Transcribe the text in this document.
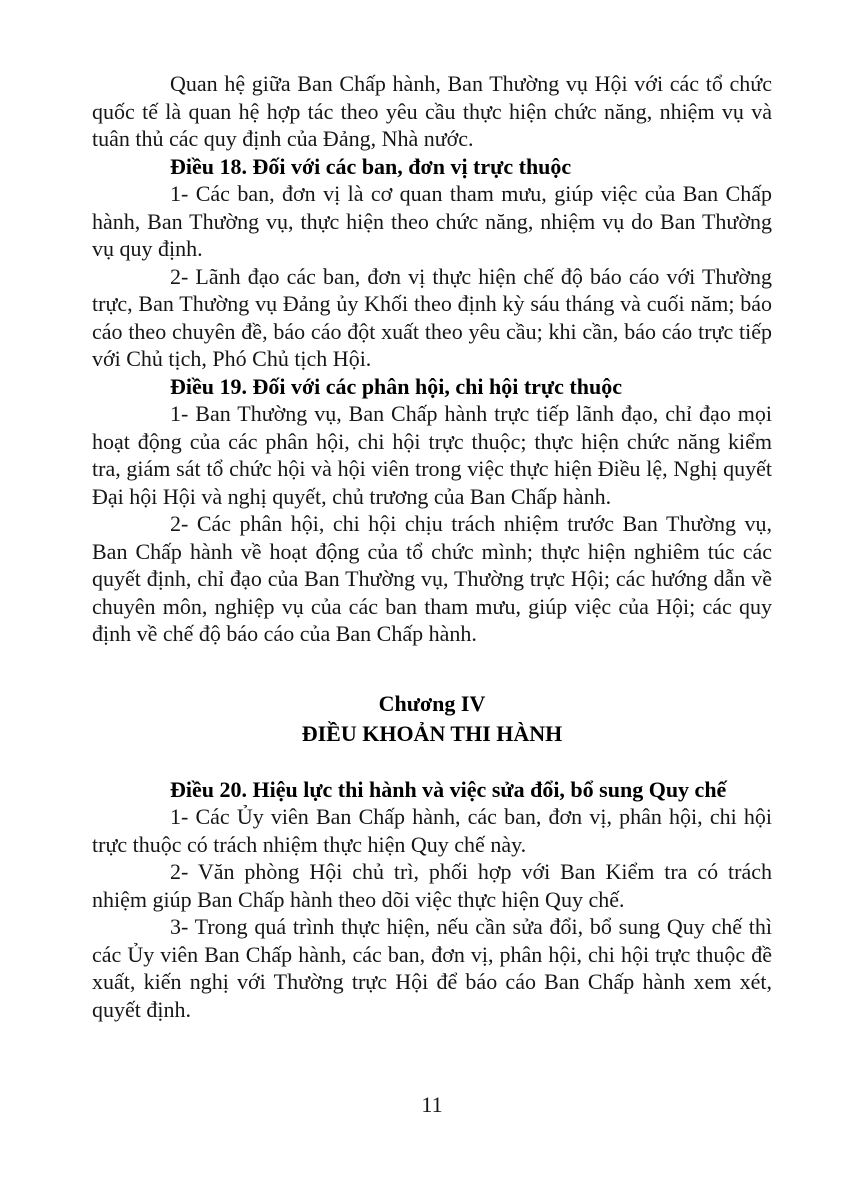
Quan hệ giữa Ban Chấp hành, Ban Thường vụ Hội với các tổ chức quốc tế là quan hệ hợp tác theo yêu cầu thực hiện chức năng, nhiệm vụ và tuân thủ các quy định của Đảng, Nhà nước.

Điều 18. Đối với các ban, đơn vị trực thuộc

1- Các ban, đơn vị là cơ quan tham mưu, giúp việc của Ban Chấp hành, Ban Thường vụ, thực hiện theo chức năng, nhiệm vụ do Ban Thường vụ quy định.

2- Lãnh đạo các ban, đơn vị thực hiện chế độ báo cáo với Thường trực, Ban Thường vụ Đảng ủy Khối theo định kỳ sáu tháng và cuối năm; báo cáo theo chuyên đề, báo cáo đột xuất theo yêu cầu; khi cần, báo cáo trực tiếp với Chủ tịch, Phó Chủ tịch Hội.

Điều 19. Đối với các phân hội, chi hội trực thuộc

1- Ban Thường vụ, Ban Chấp hành trực tiếp lãnh đạo, chỉ đạo mọi hoạt động của các phân hội, chi hội trực thuộc; thực hiện chức năng kiểm tra, giám sát tổ chức hội và hội viên trong việc thực hiện Điều lệ, Nghị quyết Đại hội Hội và nghị quyết, chủ trương của Ban Chấp hành.

2- Các phân hội, chi hội chịu trách nhiệm trước Ban Thường vụ, Ban Chấp hành về hoạt động của tổ chức mình; thực hiện nghiêm túc các quyết định, chỉ đạo của Ban Thường vụ, Thường trực Hội; các hướng dẫn về chuyên môn, nghiệp vụ của các ban tham mưu, giúp việc của Hội; các quy định về chế độ báo cáo của Ban Chấp hành.

Chương IV
ĐIỀU KHOẢN THI HÀNH

Điều 20. Hiệu lực thi hành và việc sửa đổi, bổ sung Quy chế

1- Các Ủy viên Ban Chấp hành, các ban, đơn vị, phân hội, chi hội trực thuộc có trách nhiệm thực hiện Quy chế này.

2- Văn phòng Hội chủ trì, phối hợp với Ban Kiểm tra có trách nhiệm giúp Ban Chấp hành theo dõi việc thực hiện Quy chế.

3- Trong quá trình thực hiện, nếu cần sửa đổi, bổ sung Quy chế thì các Ủy viên Ban Chấp hành, các ban, đơn vị, phân hội, chi hội trực thuộc đề xuất, kiến nghị với Thường trực Hội để báo cáo Ban Chấp hành xem xét, quyết định.

11
